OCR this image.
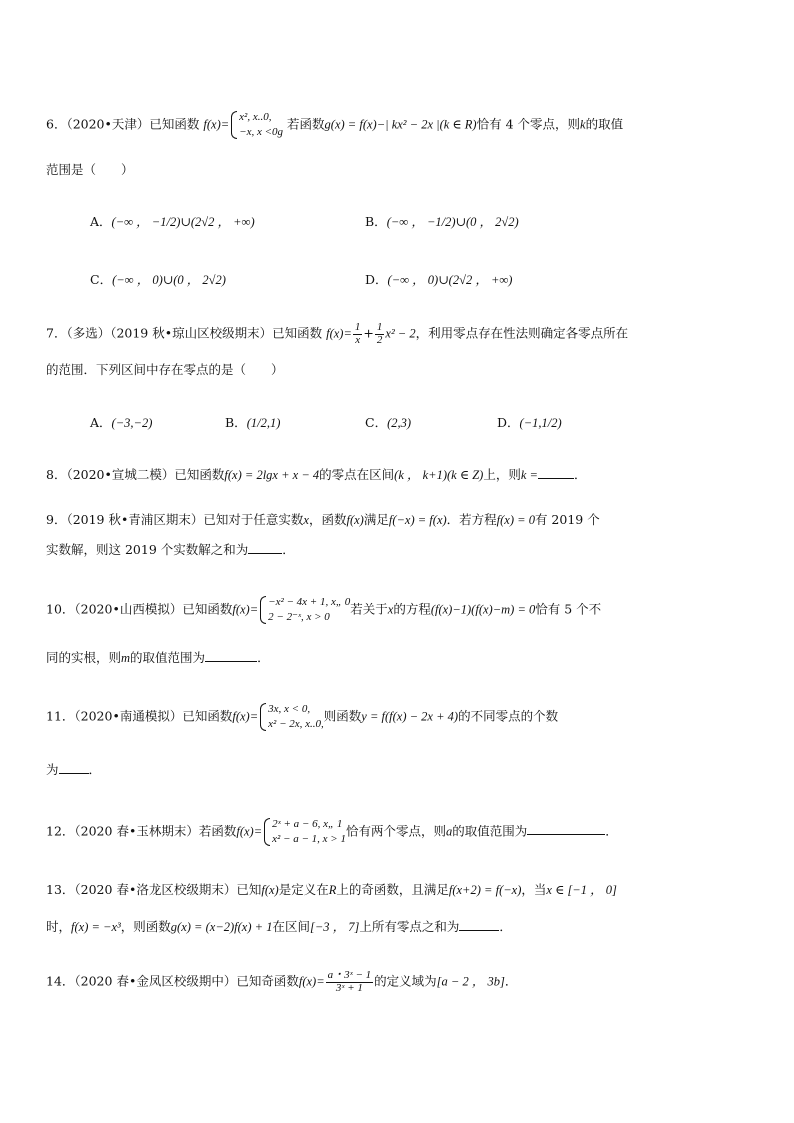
6．（2020•天津）已知函数 f(x)=
x², x..0,
−x, x <0g
若函数g(x) = f(x)−| kx² − 2x |(k ∈ R)恰有 4 个零点，则k的取值
范围是（　　）
A．(−∞ ， −1/2)∪(2√2 ， +∞)	B．(−∞ ， −1/2)∪(0 ， 2√2)
C．(−∞ ， 0)∪(0 ， 2√2)	D．(−∞ ， 0)∪(2√2 ， +∞)
7．（多选）（2019 秋•琼山区校级期末）已知函数 $f(x)= \frac{1}{x} + \frac{1}{2} x^2 - 2$，利用零点存在性法则确定各零点所在
的范围．下列区间中存在零点的是（　　）
A．(−3,−2)	B．(1/2,1)	C．(2,3)	D．(−1,1/2)
8．（2020•宣城二模）已知函数f(x) = 2lgx + x − 4的零点在区间(k ， k+1)(k ∈ Z)上，则k =	．
9．（2019 秋•青浦区期末）已知对于任意实数x，函数f(x)满足f(−x) = f(x)．若方程f(x) = 0有 2019 个
实数解，则这 2019 个实数解之和为	．
10．（2020•山西模拟）已知函数f(x)=
−x² − 4x + 1, x„ 0
2 − 2⁻ˣ, x > 0
若关于x的方程(f(x)−1)(f(x)−m) = 0恰有 5 个不
同的实根，则m的取值范围为	．
11．（2020•南通模拟）已知函数f(x)=
3x, x < 0,
x² − 2x, x..0,
则函数y = f(f(x) − 2x + 4)的不同零点的个数
为 ．
12．（2020 春•玉林期末）若函数f(x)=
2ˣ + a − 6, x„ 1
x² − a − 1, x > 1
恰有两个零点，则a的取值范围为	．
13．（2020 春•洛龙区校级期末）已知f(x)是定义在R上的奇函数，且满足f(x+2) = f(−x)，当x ∈ [−1 ， 0]
时，f(x) = −x³，则函数g(x) = (x−2)f(x) + 1在区间[−3 ， 7]上所有零点之和为	．
14．（2020 春•金凤区校级期中）已知奇函数$f(x)= \frac{\text{a・3ˣ − 1}}{\text{3ˣ + 1}}$ 的定义域为[a − 2 ， 3b]．
